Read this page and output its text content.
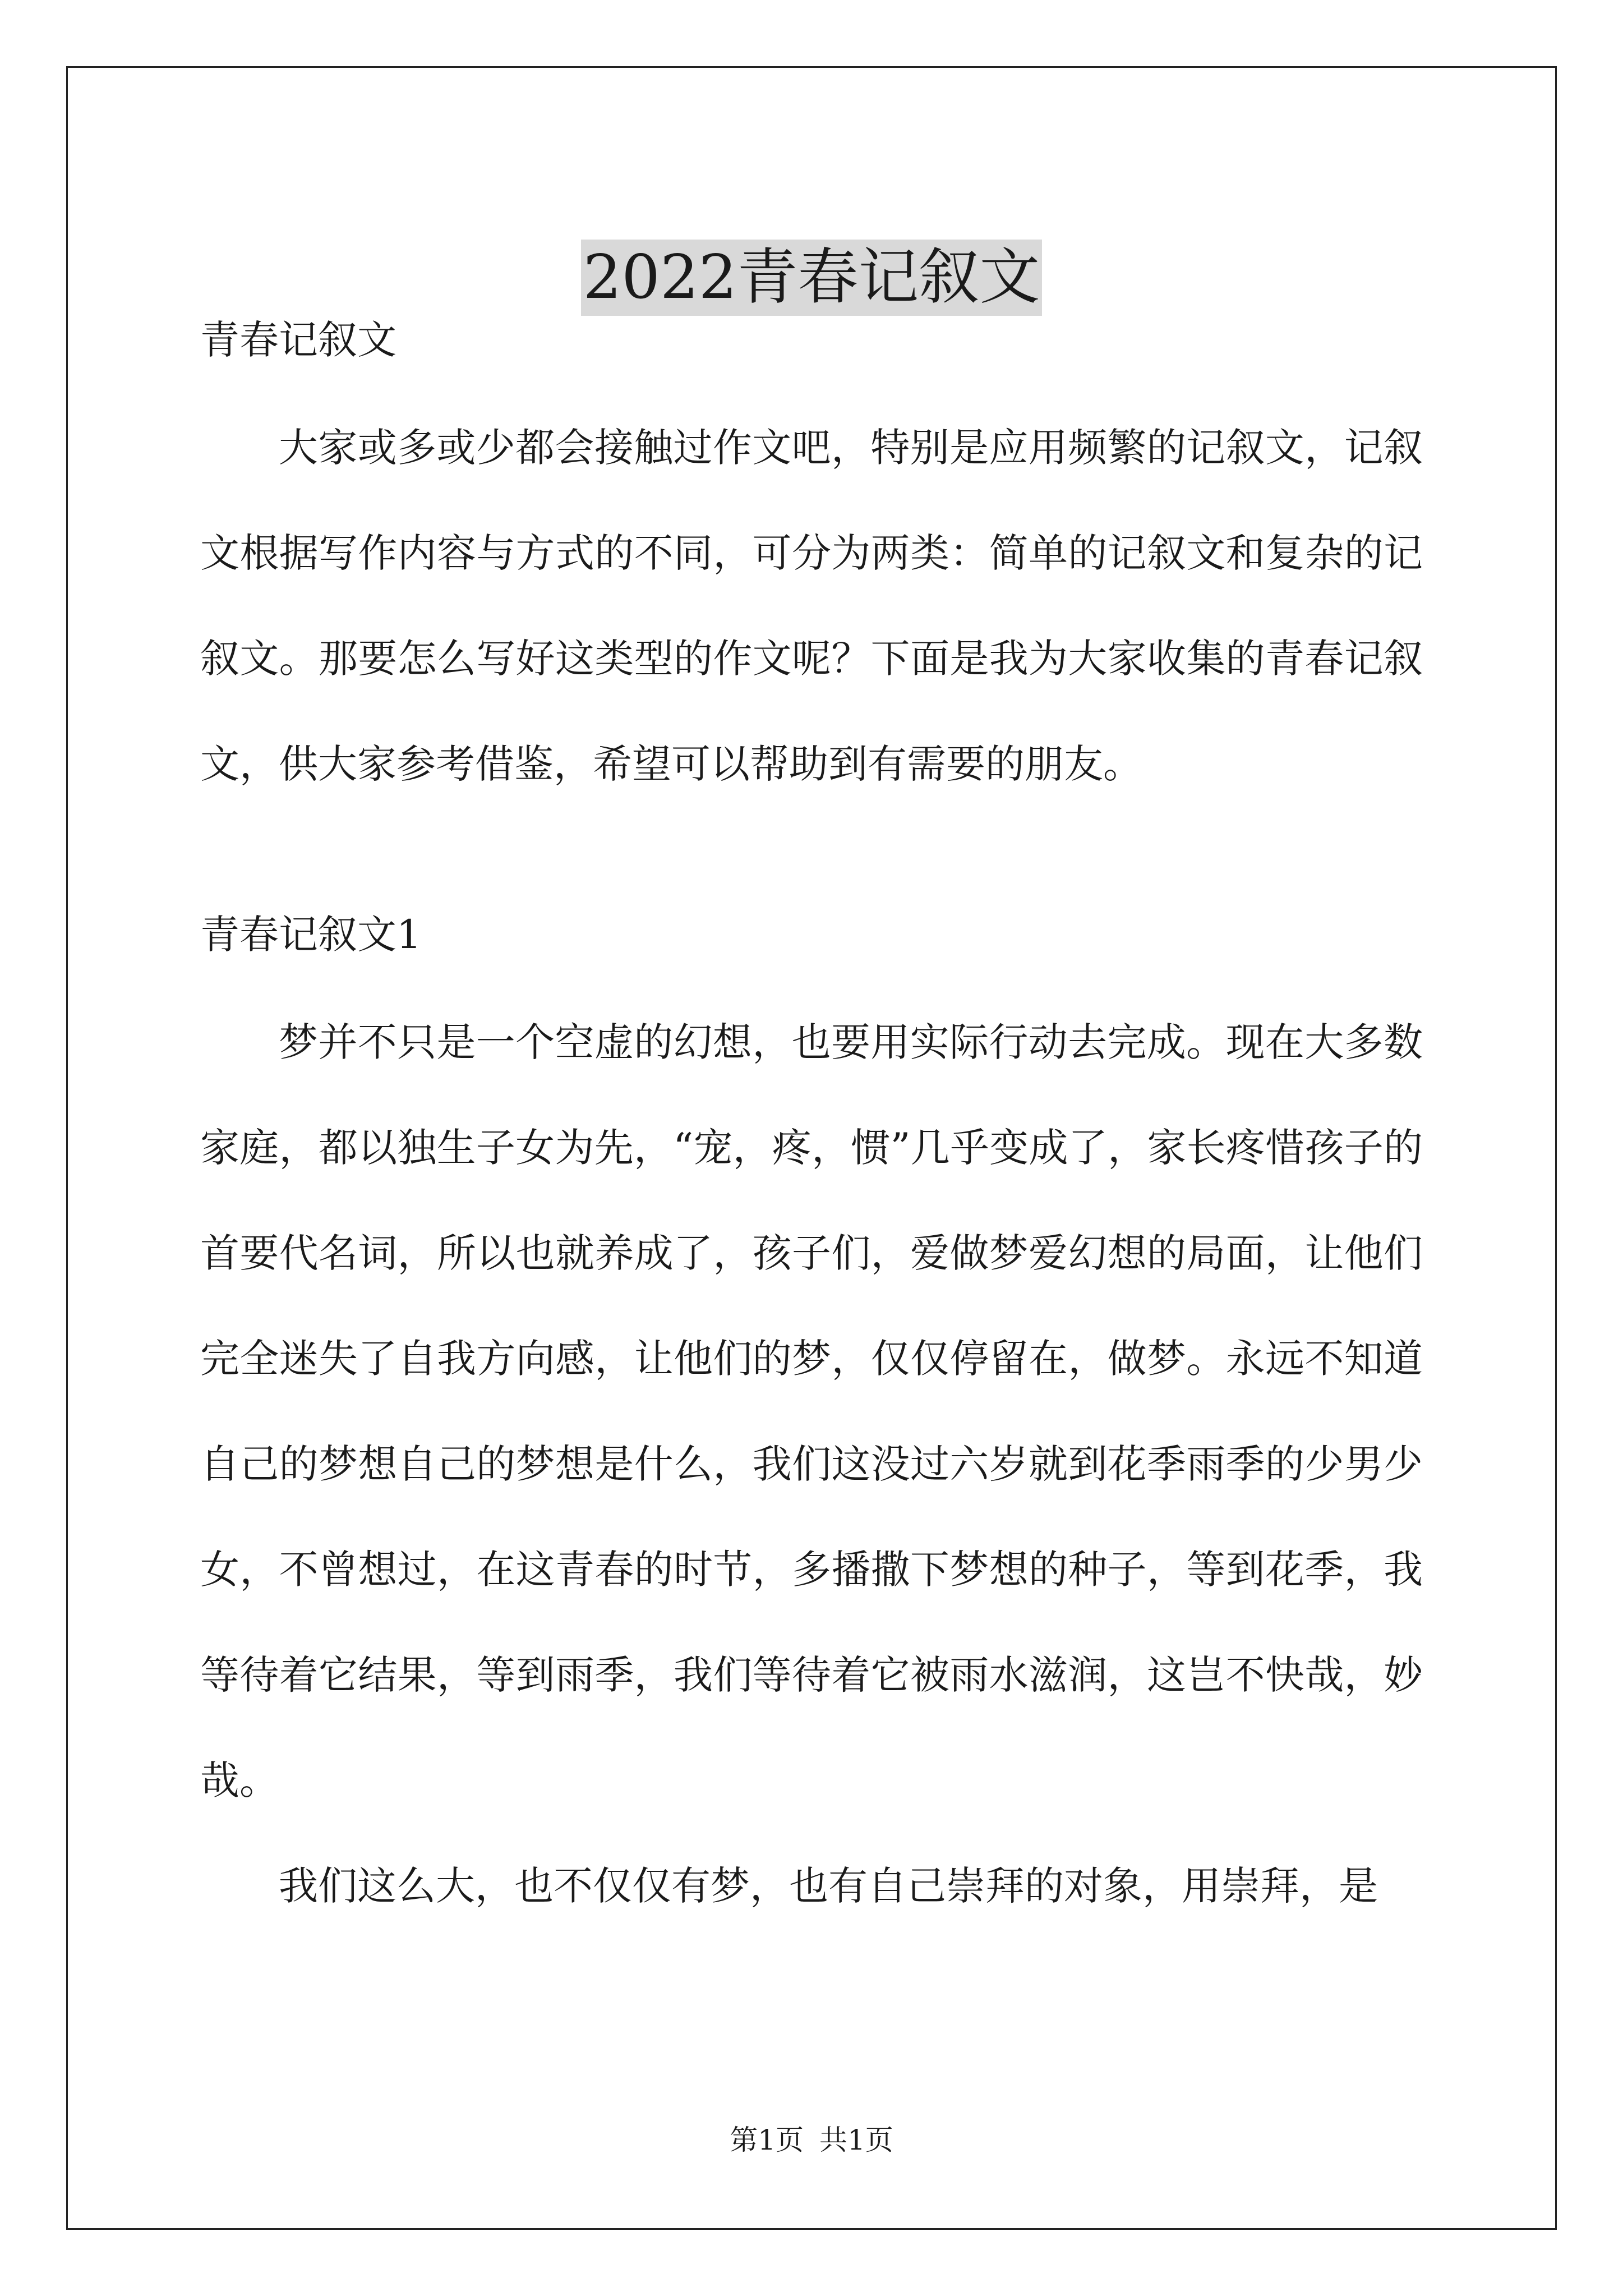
2022青春记叙文

青春记叙文

大家或多或少都会接触过作文吧，特别是应用频繁的记叙文，记叙文根据写作内容与方式的不同，可分为两类：简单的记叙文和复杂的记叙文。那要怎么写好这类型的作文呢？下面是我为大家收集的青春记叙文，供大家参考借鉴，希望可以帮助到有需要的朋友。

青春记叙文1

梦并不只是一个空虚的幻想，也要用实际行动去完成。现在大多数家庭，都以独生子女为先，“宠，疼，惯”几乎变成了，家长疼惜孩子的首要代名词，所以也就养成了，孩子们，爱做梦爱幻想的局面，让他们完全迷失了自我方向感，让他们的梦，仅仅停留在，做梦。永远不知道自己的梦想自己的梦想是什么，我们这没过六岁就到花季雨季的少男少女，不曾想过，在这青春的时节，多播撒下梦想的种子，等到花季，我等待着它结果，等到雨季，我们等待着它被雨水滋润，这岂不快哉，妙哉。

我们这么大，也不仅仅有梦，也有自己崇拜的对象，用崇拜，是

第1页 共1页
